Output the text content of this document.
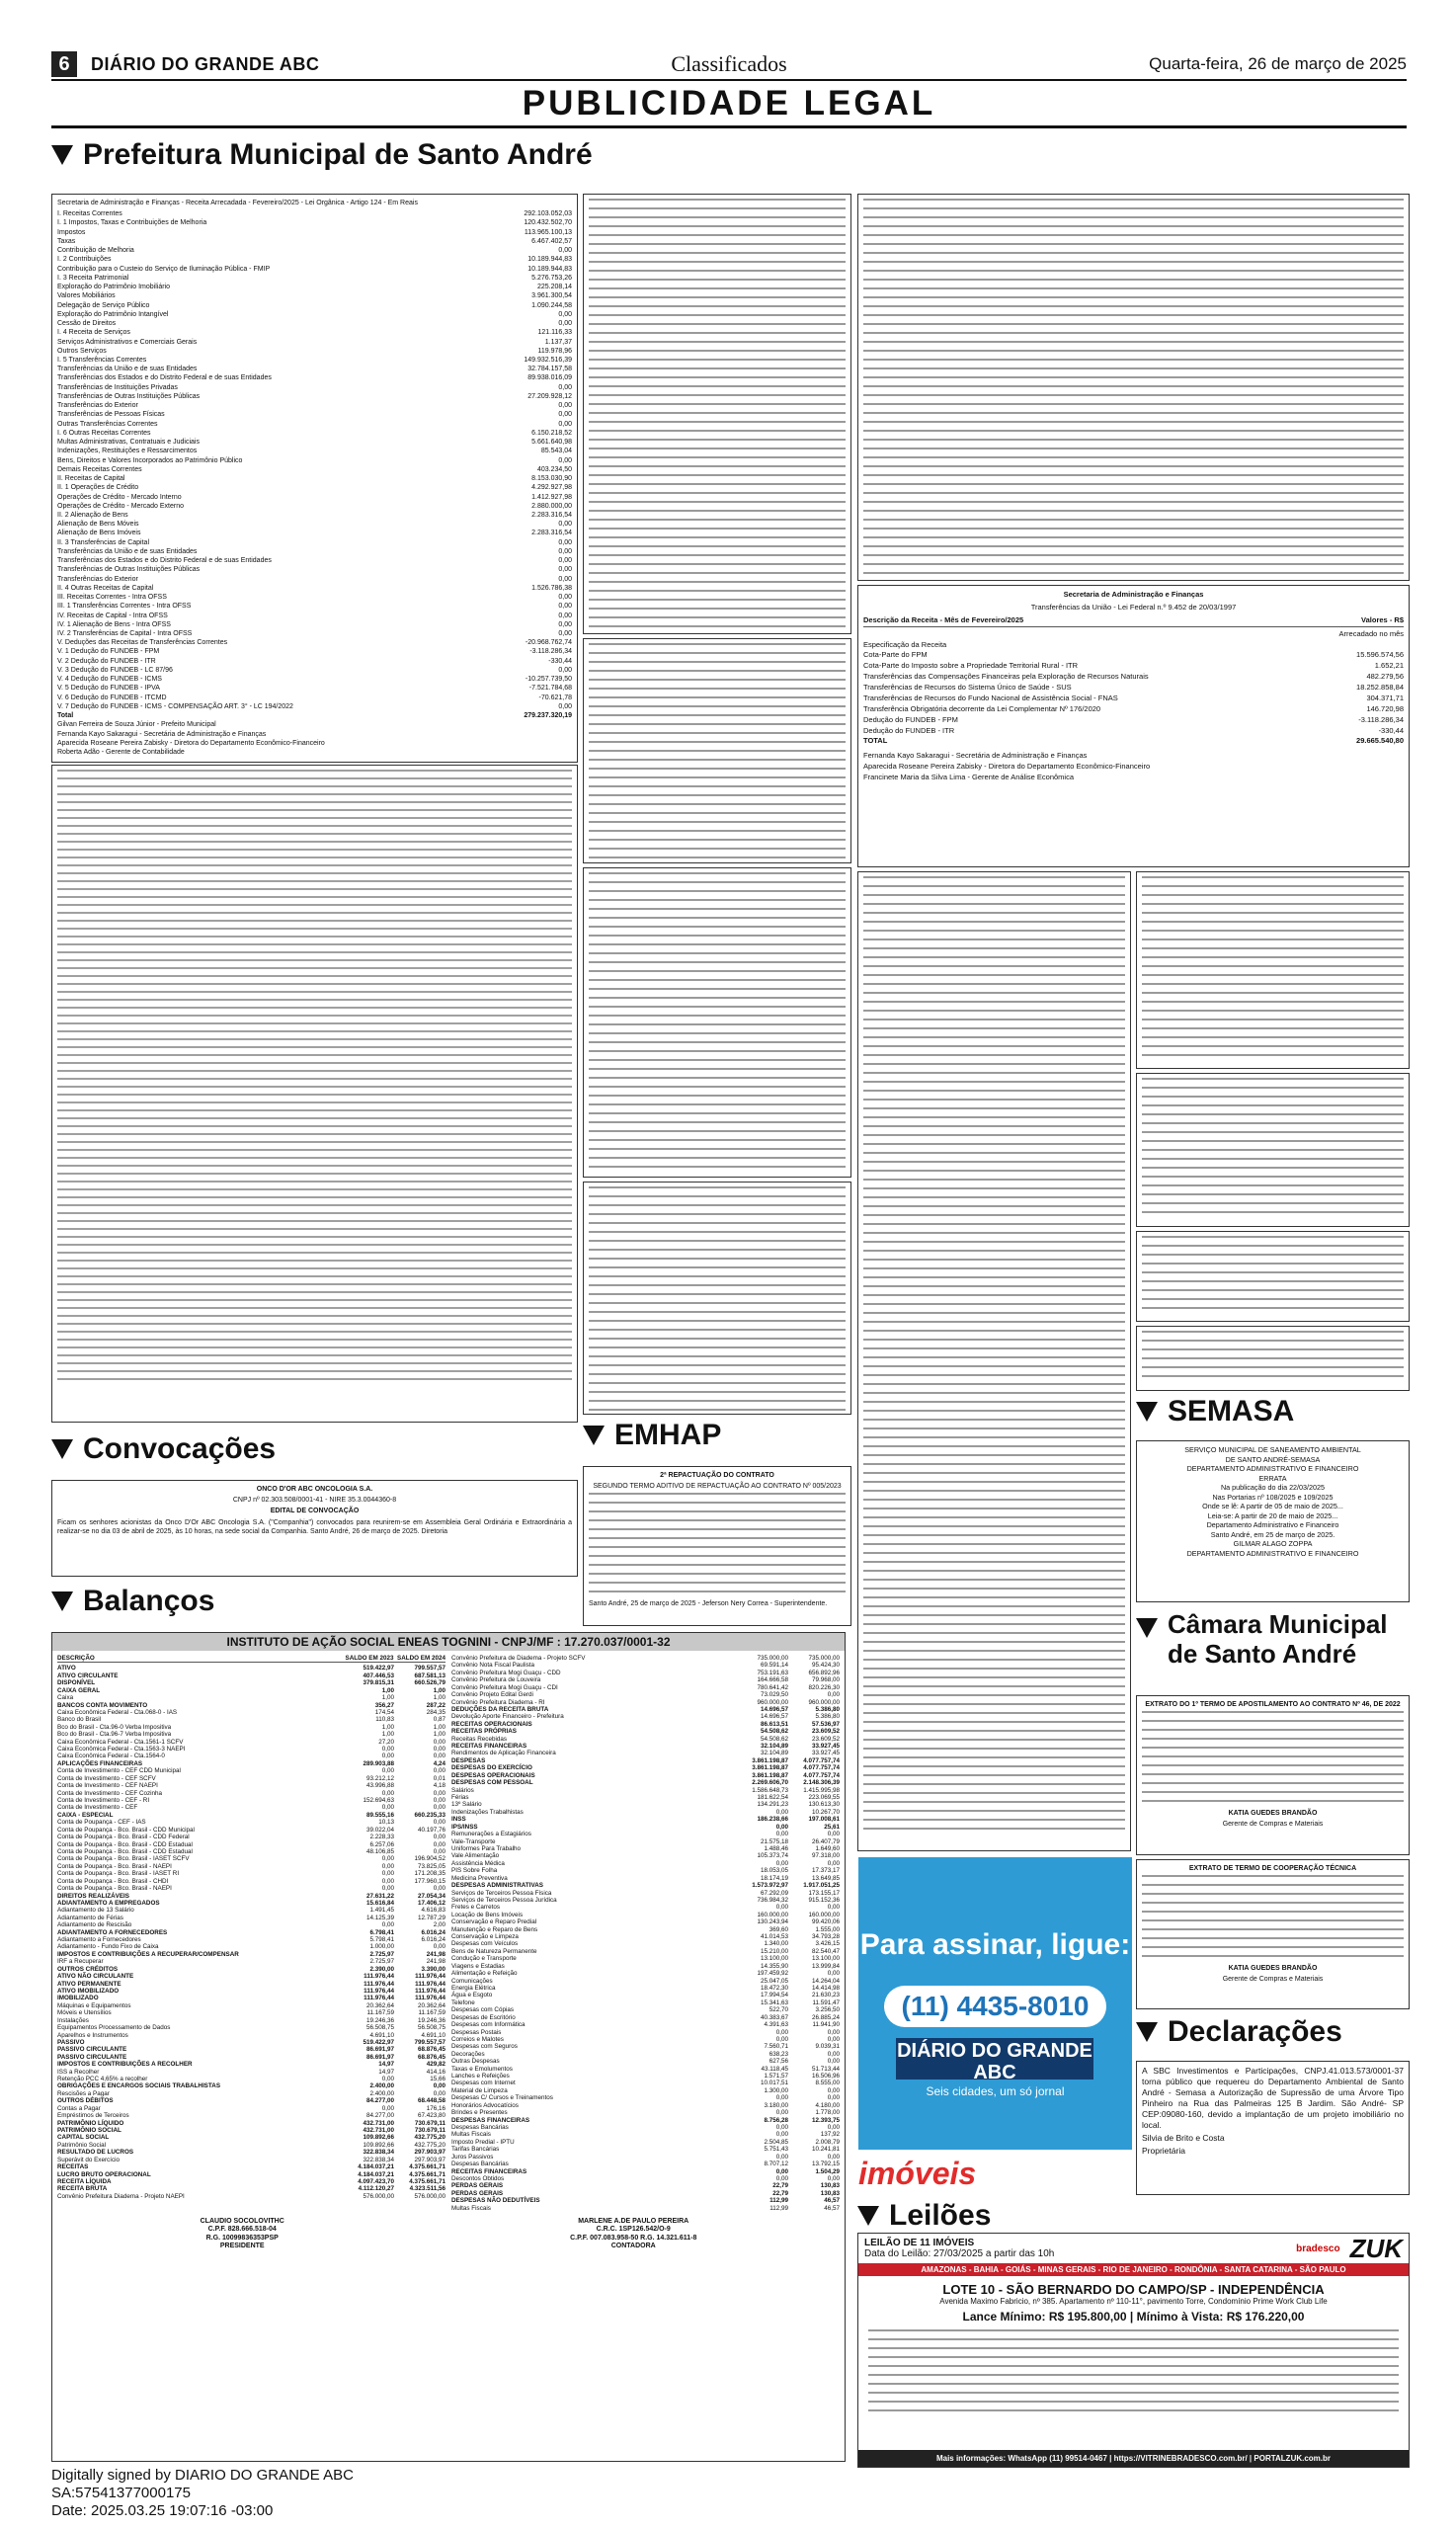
6	DIÁRIO DO GRANDE ABC	Classificados	Quarta-feira, 26 de março de 2025
PUBLICIDADE LEGAL
Prefeitura Municipal de Santo André

Secretaria de Administração e Finanças - Receita Arrecadada - Fevereiro/2025 - Lei Orgânica - Artigo 124 - Em Reais

I. Receitas Correntes	292.103.052,03
I. 1 Impostos, Taxas e Contribuições de Melhoria	120.432.502,70
Impostos	113.965.100,13
Taxas	6.467.402,57
Contribuição de Melhoria	0,00
I. 2 Contribuições	10.189.944,83
Contribuição para o Custeio do Serviço de Iluminação Pública - FMIP	10.189.944,83
I. 3 Receita Patrimonial	5.276.753,26
Exploração do Patrimônio Imobiliário	225.208,14
Valores Mobiliários	3.961.300,54
Delegação de Serviço Público	1.090.244,58
Exploração do Patrimônio Intangível	0,00
Cessão de Direitos	0,00
I. 4 Receita de Serviços	121.116,33
Serviços Administrativos e Comerciais Gerais	1.137,37
Outros Serviços	119.978,96
I. 5 Transferências Correntes	149.932.516,39
Transferências da União e de suas Entidades	32.784.157,58
Transferências dos Estados e do Distrito Federal e de suas Entidades	89.938.016,09
Transferências de Instituições Privadas	0,00
Transferências de Outras Instituições Públicas	27.209.928,12
Transferências do Exterior	0,00
Transferências de Pessoas Físicas	0,00
Outras Transferências Correntes	0,00
I. 6 Outras Receitas Correntes	6.150.218,52
Multas Administrativas, Contratuais e Judiciais	5.661.640,98
Indenizações, Restituições e Ressarcimentos	85.543,04
Bens, Direitos e Valores Incorporados ao Patrimônio Público	0,00
Demais Receitas Correntes	403.234,50
II. Receitas de Capital	8.153.030,90
II. 1 Operações de Crédito	4.292.927,98
Operações de Crédito - Mercado Interno	1.412.927,98
Operações de Crédito - Mercado Externo	2.880.000,00
II. 2 Alienação de Bens	2.283.316,54
Alienação de Bens Móveis	0,00
Alienação de Bens Imóveis	2.283.316,54
II. 3 Transferências de Capital	0,00
Transferências da União e de suas Entidades	0,00
Transferências dos Estados e do Distrito Federal e de suas Entidades	0,00
Transferências de Outras Instituições Públicas	0,00
Transferências do Exterior	0,00
II. 4 Outras Receitas de Capital	1.526.786,38
III. Receitas Correntes - Intra OFSS	0,00
III. 1 Transferências Correntes - Intra OFSS	0,00
IV. Receitas de Capital - Intra OFSS	0,00
IV. 1 Alienação de Bens - Intra OFSS	0,00
IV. 2 Transferências de Capital - Intra OFSS	0,00
V. Deduções das Receitas de Transferências Correntes	-20.968.762,74
V. 1 Dedução do FUNDEB - FPM	-3.118.286,34
V. 2 Dedução do FUNDEB - ITR	-330,44
V. 3 Dedução do FUNDEB - LC 87/96	0,00
V. 4 Dedução do FUNDEB - ICMS	-10.257.739,50
V. 5 Dedução do FUNDEB - IPVA	-7.521.784,68
V. 6 Dedução do FUNDEB - ITCMD	-70.621,78
V. 7 Dedução do FUNDEB - ICMS - COMPENSAÇÃO ART. 3° - LC 194/2022	0,00
Total	279.237.320,19
Gilvan Ferreira de Souza Júnior - Prefeito Municipal
Fernanda Kayo Sakaragui - Secretária de Administração e Finanças
Aparecida Roseane Pereira Zabisky - Diretora do Departamento Econômico-Financeiro
Roberta Adão - Gerente de Contabilidade
Convocações

ONCO D'OR ABC ONCOLOGIA S.A.

CNPJ nº 02.303.508/0001-41 - NIRE 35.3.0044360-8

EDITAL DE CONVOCAÇÃO

Ficam os senhores acionistas da Onco D'Or ABC Oncologia S.A. ("Companhia") convocados para reunirem-se em Assembleia Geral Ordinária e Extraordinária a realizar-se no dia 03 de abril de 2025, às 10 horas, na sede social da Companhia. Santo André, 26 de março de 2025. Diretoria

Balanços
INSTITUTO DE AÇÃO SOCIAL ENEAS TOGNINI - CNPJ/MF : 17.270.037/0001-32
DESCRIÇÃO	SALDO EM 2023 SALDO EM 2024
ATIVO	519.422,97	799.557,57
ATIVO CIRCULANTE	407.446,53	687.581,13
DISPONÍVEL	379.815,31	660.526,79
CAIXA GERAL	1,00	1,00
Caixa	1,00	1,00
BANCOS CONTA MOVIMENTO	356,27	287,22
Caixa Econômica Federal - Cta.068-0 - IAS	174,54	284,35
Banco do Brasil	110,83	0,87
Bco do Brasil - Cta.96-0 Verba Impositiva	1,00	1,00
Bco do Brasil - Cta.96-7 Verba Impositiva	1,00	1,00
Caixa Econômica Federal - Cta.1561-1 SCFV	27,20	0,00
Caixa Econômica Federal - Cta.1563-3 NAEPI	0,00	0,00
Caixa Econômica Federal - Cta.1564-0	0,00	0,00
APLICAÇÕES FINANCEIRAS	289.903,88	4,24
Conta de Investimento - CEF CDD Municipal	0,00	0,00
Conta de Investimento - CEF SCFV	93.212,12	0,01
Conta de Investimento - CEF NAEPI	43.996,88	4,18
Conta de Investimento - CEF Cozinha	0,00	0,00
Conta de Investimento - CEF - RI	152.694,63	0,00
Conta de Investimento - CEF	0,00	0,00
CAIXA - ESPECIAL	89.555,16	660.235,33
Conta de Poupança - CEF - IAS	10,13	0,00
Conta de Poupança - Bco. Brasil - CDD Municipal	39.022,04	40.197,76
Conta de Poupança - Bco. Brasil - CDD Federal	2.228,33	0,00
Conta de Poupança - Bco. Brasil - CDD Estadual	6.257,06	0,00
Conta de Poupança - Bco. Brasil - CDD Estadual	48.106,85	0,00
Conta de Poupança - Bco. Brasil - IASET SCFV	0,00	196.904,52
Conta de Poupança - Bco. Brasil - NAEPI	0,00	73.825,05
Conta de Poupança - Bco. Brasil - IASET RI	0,00	171.208,35
Conta de Poupança - Bco. Brasil - CHDI	0,00	177.960,15
Conta de Poupança - Bco. Brasil - NAEPI	0,00	0,00
DIREITOS REALIZÁVEIS	27.631,22	27.054,34
ADIANTAMENTO A EMPREGADOS	15.616,84	17.406,12
Adiantamento de 13 Salário	1.491,45	4.616,83
Adiantamento de Férias	14.125,39	12.787,29
Adiantamento de Rescisão	0,00	2,00
ADIANTAMENTO A FORNECEDORES	6.798,41	6.016,24
Adiantamento a Fornecedores	5.798,41	6.016,24
Adiantamento - Fundo Fixo de Caixa	1.000,00	0,00
IMPOSTOS E CONTRIBUIÇÕES A RECUPERAR/COMPENSAR	2.725,97	241,98
IRF a Recuperar	2.725,97	241,98
OUTROS CRÉDITOS	2.390,00	3.390,00
ATIVO NÃO CIRCULANTE	111.976,44	111.976,44
ATIVO PERMANENTE	111.976,44	111.976,44
ATIVO IMOBILIZADO	111.976,44	111.976,44
IMOBILIZADO	111.976,44	111.976,44
Máquinas e Equipamentos	20.362,64	20.362,64
Móveis e Utensílios	11.167,59	11.167,59
Instalações	19.246,36	19.246,36
Equipamentos Processamento de Dados	56.508,75	56.508,75
Aparelhos e Instrumentos	4.691,10	4.691,10
PASSIVO	519.422,97	799.557,57
PASSIVO CIRCULANTE	86.691,97	68.876,45
PASSIVO CIRCULANTE	86.691,97	68.876,45
IMPOSTOS E CONTRIBUIÇÕES A RECOLHER	14,97	429,82
ISS a Recolher	14,97	414,16
Retenção PCC 4,65% a recolher	0,00	15,66
OBRIGAÇÕES E ENCARGOS SOCIAIS TRABALHISTAS	2.400,00	0,00
Rescisões a Pagar	2.400,00	0,00
OUTROS DÉBITOS	84.277,00	68.448,58
Contas a Pagar	0,00	176,16
Empréstimos de Terceiros	84.277,00	67.423,80
PATRIMÔNIO LÍQUIDO	432.731,00	730.679,11
PATRIMÔNIO SOCIAL	432.731,00	730.679,11
CAPITAL SOCIAL	109.892,66	432.775,20
Patrimônio Social	109.892,66	432.775,20
RESULTADO DE LUCROS	322.838,34	297.903,97
Superávit do Exercício	322.838,34	297.903,97
RECEITAS	4.184.037,21 4.375.661,71
LUCRO BRUTO OPERACIONAL	4.184.037,21 4.375.661,71
RECEITA LÍQUIDA	4.097.423,70 4.375.661,71
RECEITA BRUTA	4.112.120,27 4.323.511,56
Convênio Prefeitura Diadema - Projeto NAEPI	576.000,00	576.000,00
Convênio Prefeitura de Diadema - Projeto SCFV	735.000,00	735.000,00
Convênio Nota Fiscal Paulista	69.591,14	95.424,30
Convênio Prefeitura Mogi Guaçu - CDD	753.191,63	656.892,96
Convênio Prefeitura de Louveira	164.666,58	79.968,00
Convênio Prefeitura Mogi Guaçu - CDI	780.641,42	820.226,30
Convênio Projeto Edital Gerdi	73.029,50	0,00
Convênio Prefeitura Diadema - RI	960.000,00	960.000,00
DEDUÇÕES DA RECEITA BRUTA	14.696,57	5.386,80
Devolução Aporte Financeiro - Prefeitura	14.696,57	5.386,80
RECEITAS OPERACIONAIS	86.613,51	57.536,97
RECEITAS PRÓPRIAS	54.508,62	23.609,52
Receitas Recebidas	54.508,62	23.609,52
RECEITAS FINANCEIRAS	32.104,89	33.927,45
Rendimentos de Aplicação Financeira	32.104,89	33.927,45
DESPESAS	3.861.198,87 4.077.757,74
DESPESAS DO EXERCÍCIO	3.861.198,87 4.077.757,74
DESPESAS OPERACIONAIS	3.861.198,87 4.077.757,74
DESPESAS COM PESSOAL	2.269.606,70 2.148.306,39
Salários	1.586.648,73 1.415.995,98
Férias	181.622,54	223.069,55
13º Salário	134.291,23	130.613,30
Indenizações Trabalhistas	0,00	10.267,70
INSS	186.238,66	197.008,61
IPS/INSS	0,00	25,61
Remunerações a Estagiários	0,00	0,00
Vale-Transporte	21.575,18	26.407,79
Uniformes Para Trabalho	1.488,46	1.649,60
Vale Alimentação	105.373,74	97.318,00
Assistência Médica	0,00	0,00
PIS Sobre Folha	18.053,05	17.373,17
Medicina Preventiva	18.174,19	13.649,85
DESPESAS ADMINISTRATIVAS	1.573.972,97 1.917.051,25
Serviços de Terceiros Pessoa Física	67.292,09	173.155,17
Serviços de Terceiros Pessoa Jurídica	736.984,32	915.152,36
Fretes e Carretos	0,00	0,00
Locação de Bens Imóveis	160.000,00	160.000,00
Conservação e Reparo Predial	130.243,94	99.420,06
Manutenção e Reparo de Bens	369,60	1.555,00
Conservação e Limpeza	41.014,53	34.793,28
Despesas com Veículos	1.340,00	3.426,15
Bens de Natureza Permanente	15.210,00	82.540,47
Condução e Transporte	13.100,00	13.100,00
Viagens e Estadias	14.355,90	13.999,84
Alimentação e Refeição	197.459,92	0,00
Comunicações	25.047,05	14.264,04
Energia Elétrica	18.472,30	14.414,98
Água e Esgoto	17.994,54	21.630,23
Telefone	15.341,63	11.591,47
Despesas com Cópias	522,70	3.256,50
Despesas de Escritório	40.383,67	26.885,24
Despesas com Informática	4.391,63	11.941,90
Despesas Postais	0,00	0,00
Correios e Malotes	0,00	0,00
Despesas com Seguros	7.560,71	9.039,31
Decorações	638,23	0,00
Outras Despesas	627,56	0,00
Taxas e Emolumentos	43.118,45	51.713,44
Lanches e Refeições	1.571,57	16.506,96
Despesas com Internet	10.017,51	8.555,00
Material de Limpeza	1.300,00	0,00
Despesas C/ Cursos e Treinamentos	0,00	0,00
Honorários Advocatícios	3.180,00	4.180,00
Brindes e Presentes	0,00	1.778,00
DESPESAS FINANCEIRAS	8.756,28	12.393,75
Despesas Bancárias	0,00	0,00
Multas Fiscais	0,00	137,92
Imposto Predial - IPTU	2.504,85	2.008,79
Tarifas Bancárias	5.751,43	10.241,81
Juros Passivos	0,00	0,00
Despesas Bancárias	8.707,12	13.792,15
RECEITAS FINANCEIRAS	0,00	1.504,29
Descontos Obtidos	0,00	0,00
PERDAS GERAIS	22,79	130,83
PERDAS GERAIS	22,79	130,83
DESPESAS NÃO DEDUTÍVEIS	112,99	46,57
Multas Fiscais	112,99	46,57
CLAUDIO SOCOLOVITHC
C.P.F. 828.666.518-04
R.G. 10099836353PSP
PRESIDENTE
MARLENE A.DE PAULO PEREIRA
C.R.C. 1SP126.542/O-9
C.P.F. 007.083.958-50 R.G. 14.321.611-8
CONTADORA
EMHAP

2ª REPACTUAÇÃO DO CONTRATO

SEGUNDO TERMO ADITIVO DE REPACTUAÇÃO AO CONTRATO Nº 005/2023

Santo André, 25 de março de 2025 - Jeferson Nery Correa - Superintendente.

Secretaria de Administração e Finanças

Transferências da União - Lei Federal n.º 9.452 de 20/03/1997

Descrição da Receita - Mês de Fevereiro/2025	Valores - R$
Arrecadado no mês
Especificação da Receita
Cota-Parte do FPM	15.596.574,56
Cota-Parte do Imposto sobre a Propriedade Territorial Rural - ITR	1.652,21
Transferências das Compensações Financeiras pela Exploração de Recursos Naturais	482.279,56
Transferências de Recursos do Sistema Único de Saúde - SUS	18.252.858,84
Transferências de Recursos do Fundo Nacional de Assistência Social - FNAS	304.371,71
Transferência Obrigatória decorrente da Lei Complementar Nº 176/2020	146.720,98
Dedução do FUNDEB - FPM	-3.118.286,34
Dedução do FUNDEB - ITR	-330,44
TOTAL	29.665.540,80
Fernanda Kayo Sakaragui - Secretária de Administração e Finanças
Aparecida Roseane Pereira Zabisky - Diretora do Departamento Econômico-Financeiro
Francinete Maria da Silva Lima - Gerente de Análise Econômica
SEMASA
SERVIÇO MUNICIPAL DE SANEAMENTO AMBIENTAL
DE SANTO ANDRÉ-SEMASA
DEPARTAMENTO ADMINISTRATIVO E FINANCEIRO
ERRATA
Na publicação do dia 22/03/2025
Nas Portarias nº 108/2025 e 109/2025
Onde se lê: A partir de 05 de maio de 2025...
Leia-se: A partir de 20 de maio de 2025...
Departamento Administrativo e Financeiro
Santo André, em 25 de março de 2025.
GILMAR ALAGO ZOPPA
DEPARTAMENTO ADMINISTRATIVO E FINANCEIRO
Câmara Municipal de Santo André

EXTRATO DO 1º TERMO DE APOSTILAMENTO AO CONTRATO Nº 46, DE 2022

KATIA GUEDES BRANDÃO

Gerente de Compras e Materiais

EXTRATO DE TERMO DE COOPERAÇÃO TÉCNICA

KATIA GUEDES BRANDÃO

Gerente de Compras e Materiais

Declarações

A SBC Investimentos e Participações, CNPJ.41.013.573/0001-37 torna público que requereu do Departamento Ambiental de Santo André - Semasa a Autorização de Supressão de uma Árvore Tipo Pinheiro na Rua das Palmeiras 125 B Jardim. São André- SP CEP:09080-160, devido a implantação de um projeto imobiliário no local.

Silvia de Brito e Costa

Proprietária

Para assinar, ligue:
(11) 4435-8010
DIÁRIO DO GRANDE ABC
Seis cidades, um só jornal
imóveis
Leilões
LEILÃO DE 11 IMÓVEIS
Data do Leilão: 27/03/2025 a partir das 10h	bradesco ZUK
AMAZONAS - BAHIA - GOIÁS - MINAS GERAIS - RIO DE JANEIRO - RONDÔNIA - SANTA CATARINA - SÃO PAULO
LOTE 10 - SÃO BERNARDO DO CAMPO/SP - INDEPENDÊNCIA
Avenida Maximo Fabricio, nº 385. Apartamento nº 110-11°, pavimento Torre, Condomínio Prime Work Club Life
Lance Mínimo: R$ 195.800,00 | Mínimo à Vista: R$ 176.220,00
Mais informações: WhatsApp (11) 99514-0467 | https://VITRINEBRADESCO.com.br/ | PORTALZUK.com.br
Digitally signed by DIARIO DO GRANDE ABC
SA:57541377000175
Date: 2025.03.25 19:07:16 -03:00
